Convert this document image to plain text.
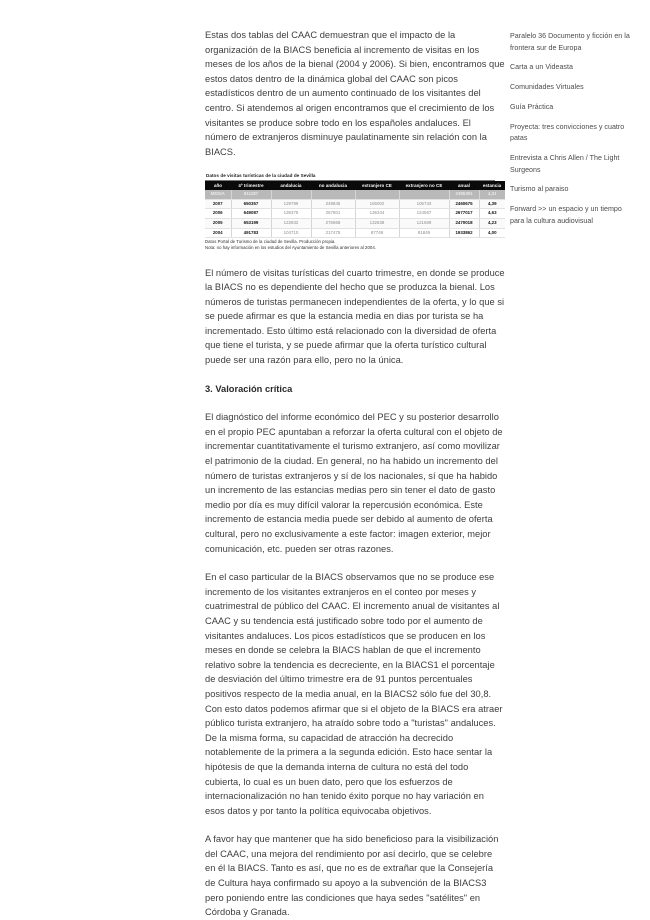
Estas dos tablas del CAAC demuestran que el impacto de la organización de la BIACS beneficia al incremento de visitas en los meses de los años de la bienal (2004 y 2006). Si bien, encontramos que estos datos dentro de la dinámica global del CAAC son picos estadísticos dentro de un aumento continuado de los visitantes del centro. Si atendemos al origen encontramos que el crecimiento de los visitantes se produce sobre todo en los españoles andaluces. El número de extranjeros disminuye paulatinamente sin relación con la BIACS.

Datos de visitas turísticas de la ciudad de Sevilla
año	4º trimestre	andalucia	no andalucia	extranjero CE	extranjero no CE	anual	estancia
MEDIA	611187					2385391	4,31
2007	650357	129799	249845	165002	105733	2460675	4,39
2006	649087	138375	267801	136344	124567	2677017	4,63
2005	653199	122832	276868	132638	121669	2470018	4,23
2004	491783	104710	217475	87749	81849	1933862	4,00
Datos Portal de Turismo de la ciudad de Sevilla. Producción propia.
Nota: no hay información en los estudios del Ayuntamiento de Sevilla anteriores al 2004.

El número de visitas turísticas del cuarto trimestre, en donde se produce la BIACS no es dependiente del hecho que se produzca la bienal. Los números de turistas permanecen independientes de la oferta, y lo que si se puede afirmar es que la estancia media en dias por turista se ha incrementado. Esto último está relacionado con la diversidad de oferta que tiene el turista, y se puede afirmar que la oferta turístico cultural puede ser una razón para ello, pero no la única.

3. Valoración crítica

El diagnóstico del informe económico del PEC y su posterior desarrollo en el propio PEC apuntaban a reforzar la oferta cultural con el objeto de incrementar cuantitativamente el turismo extranjero, así como movilizar el patrimonio de la ciudad. En general, no ha habido un incremento del número de turistas extranjeros y sí de los nacionales, sí que ha habido un incremento de las estancias medias pero sin tener el dato de gasto medio por día es muy difícil valorar la repercusión económica. Este incremento de estancia media puede ser debido al aumento de oferta cultural, pero no exclusivamente a este factor: imagen exterior, mejor comunicación, etc. pueden ser otras razones.

En el caso particular de la BIACS observamos que no se produce ese incremento de los visitantes extranjeros en el conteo por meses y cuatrimestral de público del CAAC. El incremento anual de visitantes al CAAC y su tendencia está justificado sobre todo por el aumento de visitantes andaluces. Los picos estadísticos que se producen en los meses en donde se celebra la BIACS hablan de que el incremento relativo sobre la tendencia es decreciente, en la BIACS1 el porcentaje de desviación del último trimestre era de 91 puntos percentuales positivos respecto de la media anual, en la BIACS2 sólo fue del 30,8. Con esto datos podemos afirmar que si el objeto de la BIACS era atraer público turista extranjero, ha atraído sobre todo a "turistas" andaluces. De la misma forma, su capacidad de atracción ha decrecido notablemente de la primera a la segunda edición. Esto hace sentar la hipótesis de que la demanda interna de cultura no está del todo cubierta, lo cual es un buen dato, pero que los esfuerzos de internacionalización no han tenido éxito porque no hay variación en esos datos y por tanto la política equivocaba objetivos.

A favor hay que mantener que ha sido beneficioso para la visibilización del CAAC, una mejora del rendimiento por así decirlo, que se celebre en él la BIACS. Tanto es así, que no es de extrañar que la Consejería de Cultura haya confirmado su apoyo a la subvención de la BIACS3 pero poniendo entre las condiciones que haya sedes "satélites" en Córdoba y Granada.

Paralelo 36 Documento y ficción en la frontera sur de Europa
Carta a un Videasta
Comunidades Virtuales
Guía Práctica
Proyecta: tres convicciones y cuatro patas
Entrevista a Chris Allen / The Light Surgeons
Turismo al paraiso
Forward >> un espacio y un tiempo para la cultura audiovisual
